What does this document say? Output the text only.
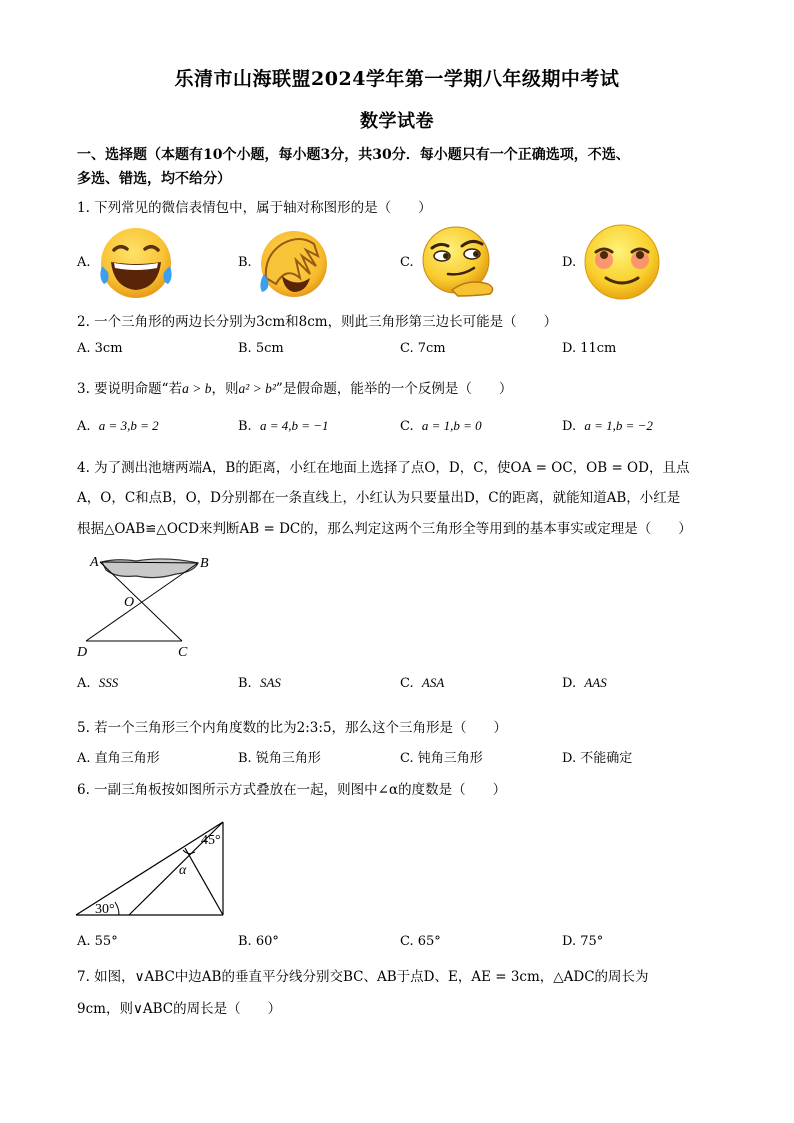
乐清市山海联盟2024学年第一学期八年级期中考试
数学试卷
一、选择题（本题有10个小题，每小题3分，共30分．每小题只有一个正确选项，不选、
多选、错选，均不给分）
1. 下列常见的微信表情包中，属于轴对称图形的是（　　）
A.	B.	C.	D.
2. 一个三角形的两边长分别为3cm和8cm，则此三角形第三边长可能是（　　）
A. 3cm	B. 5cm	C. 7cm	D. 11cm
3. 要说明命题“若a > b，则a² > b²”是假命题，能举的一个反例是（　　）
A. a = 3,b = 2	B. a = 4,b = −1	C. a = 1,b = 0	D. a = 1,b = −2
4. 为了测出池塘两端A，B的距离，小红在地面上选择了点O，D，C，使OA = OC，OB = OD，且点
A，O，C和点B，O，D分别都在一条直线上，小红认为只要量出D，C的距离，就能知道AB，小红是
根据△OAB≌△OCD来判断AB = DC的，那么判定这两个三角形全等用到的基本事实或定理是（　　）
A	B
O
D	C
A. SSS	B. SAS	C. ASA	D. AAS
5. 若一个三角形三个内角度数的比为2:3:5，那么这个三角形是（　　）
A. 直角三角形	B. 锐角三角形	C. 钝角三角形	D. 不能确定
6. 一副三角板按如图所示方式叠放在一起，则图中∠α的度数是（　　）
45°
α
30°
A. 55°	B. 60°	C. 65°	D. 75°
7. 如图，∨ABC中边AB的垂直平分线分别交BC、AB于点D、E，AE = 3cm，△ADC的周长为
9cm，则∨ABC的周长是（　　）
